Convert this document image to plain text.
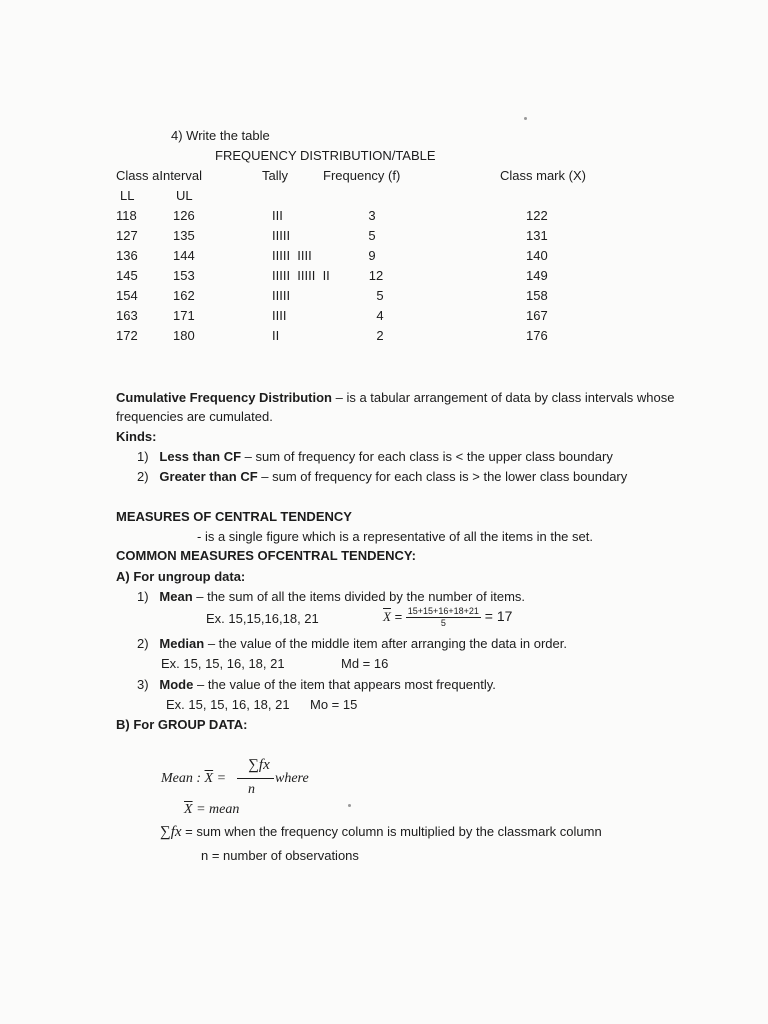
4) Write the table
FREQUENCY DISTRIBUTION/TABLE
Class aInterval	Tally	Frequency (f)	Class mark (X)
LL	UL
118	126	III	3	122
127	135	IIIII	5	131
136	144	IIIII  IIII	9	140
145	153	IIIII  IIIII  II	12	149
154	162	IIIII	5	158
163	171	IIII	4	167
172	180	II	2	176
Cumulative Frequency Distribution – is a tabular arrangement of data by class intervals whose
frequencies are cumulated.
Kinds:
1) Less than CF – sum of frequency for each class is < the upper class boundary
2) Greater than CF – sum of frequency for each class is > the lower class boundary
MEASURES OF CENTRAL TENDENCY
- is a single figure which is a representative of all the items in the set.
COMMON MEASURES OFCENTRAL TENDENCY:
A) For ungroup data:
1) Mean – the sum of all the items divided by the number of items.
Ex. 15,15,16,18, 21	$\overline{X} = \frac{15+15+16+18+21}{5} = 17$
2) Median – the value of the middle item after arranging the data in order.
Ex. 15, 15, 16, 18, 21	Md = 16
3) Mode – the value of the item that appears most frequently.
Ex. 15, 15, 16, 18, 21 Mo = 15
B) For GROUP DATA:
Mean : $\overline{X}$ =
∑fx
n
where
$\overline{X}$ = mean
∑fx = sum when the frequency column is multiplied by the classmark column
n = number of observations
